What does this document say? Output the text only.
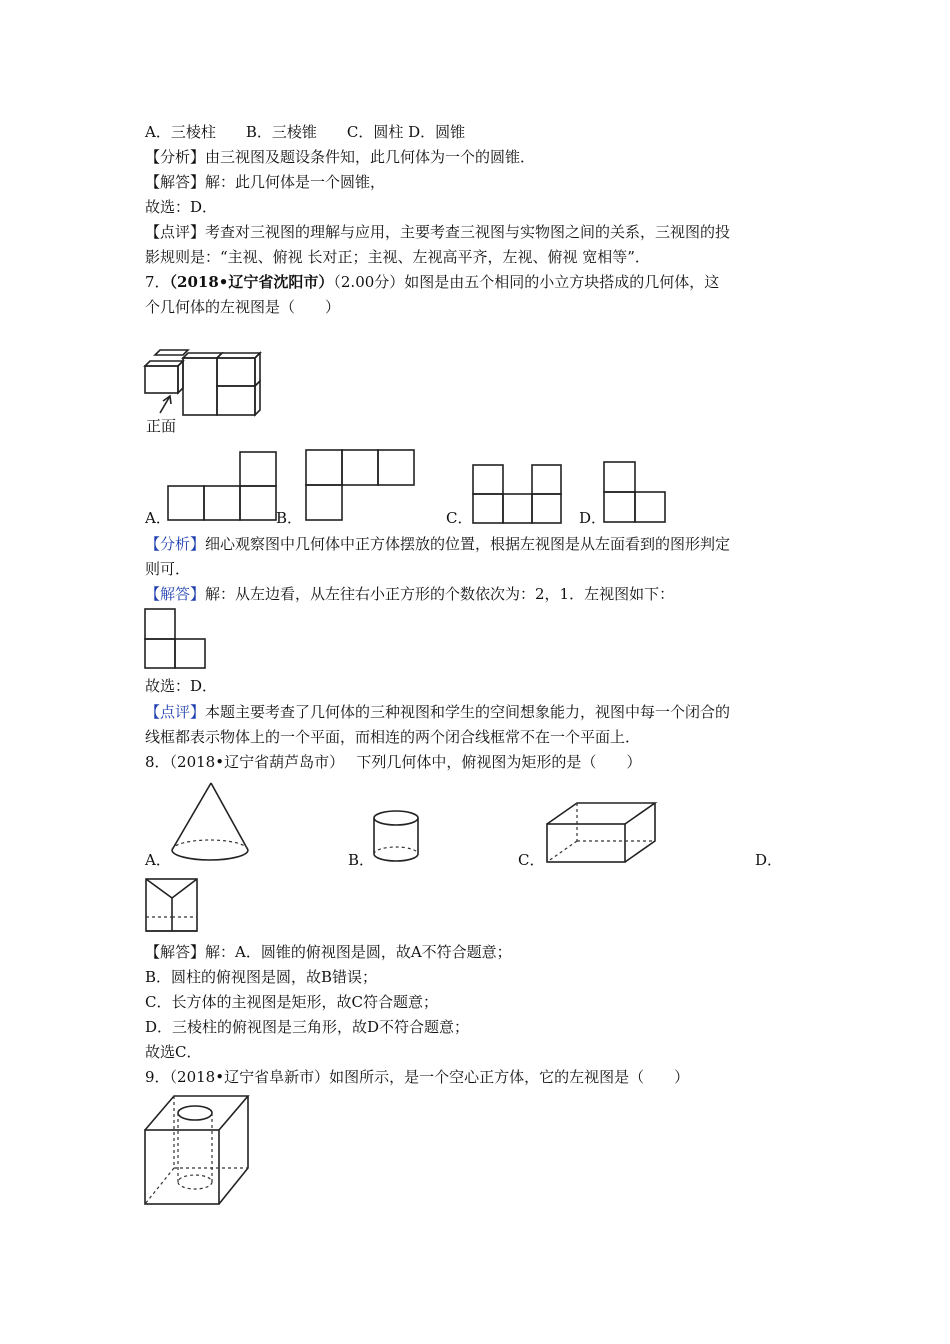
A．三棱柱　　B．三棱锥　　C．圆柱 D．圆锥
【分析】由三视图及题设条件知，此几何体为一个的圆锥．
【解答】解：此几何体是一个圆锥，
故选：D．
【点评】考查对三视图的理解与应用，主要考查三视图与实物图之间的关系，三视图的投
影规则是：“主视、俯视 长对正；主视、左视高平齐，左视、俯视 宽相等”．
7．（2018•辽宁省沈阳市）（2.00分）如图是由五个相同的小立方块搭成的几何体，这
个几何体的左视图是（　　）
正面
A．	B．	C．	D．
【分析】细心观察图中几何体中正方体摆放的位置，根据左视图是从左面看到的图形判定
则可．
【解答】解：从左边看，从左往右小正方形的个数依次为：2，1．左视图如下：
故选：D．
【点评】本题主要考查了几何体的三种视图和学生的空间想象能力，视图中每一个闭合的
线框都表示物体上的一个平面，而相连的两个闭合线框常不在一个平面上．
8．（2018•辽宁省葫芦岛市）　 下列几何体中，俯视图为矩形的是（　　）
A．	B．	C．	D．
【解答】解：A．圆锥的俯视图是圆，故A不符合题意；
B．圆柱的俯视图是圆，故B错误；
C．长方体的主视图是矩形，故C符合题意；
D．三棱柱的俯视图是三角形，故D不符合题意；
故选C．
9．（2018•辽宁省阜新市）如图所示，是一个空心正方体，它的左视图是（　　）
